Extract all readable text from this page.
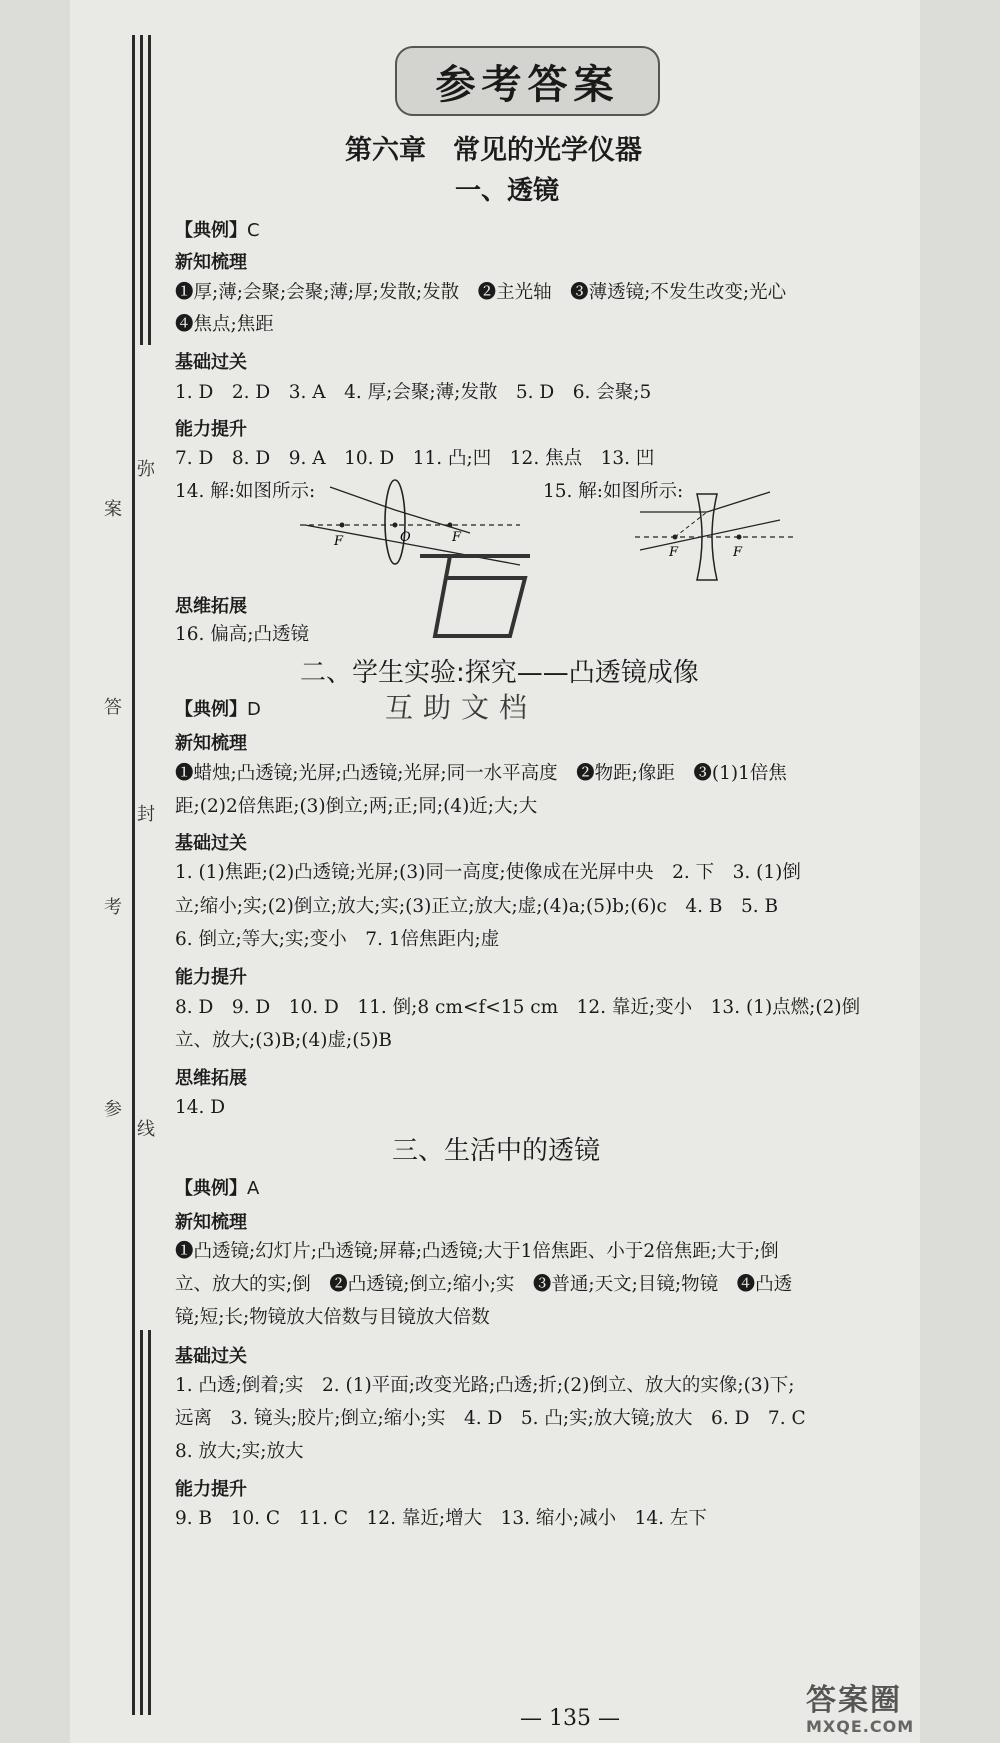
弥
案
答
封
考
参
线
参考答案
第六章　常见的光学仪器
一、透镜
【典例】C
新知梳理
❶厚;薄;会聚;会聚;薄;厚;发散;发散　❷主光轴　❸薄透镜;不发生改变;光心
❹焦点;焦距
基础过关
1. D　2. D　3. A　4. 厚;会聚;薄;发散　5. D　6. 会聚;5
能力提升
7. D　8. D　9. A　10. D　11. 凸;凹　12. 焦点　13. 凹
14. 解:如图所示:	15. 解:如图所示:
F	O	F
F	F
互助文档
思维拓展
16. 偏高;凸透镜
二、学生实验:探究——凸透镜成像
【典例】D
新知梳理
❶蜡烛;凸透镜;光屏;凸透镜;光屏;同一水平高度　❷物距;像距　❸(1)1倍焦
距;(2)2倍焦距;(3)倒立;两;正;同;(4)近;大;大
基础过关
1. (1)焦距;(2)凸透镜;光屏;(3)同一高度;使像成在光屏中央　2. 下　3. (1)倒
立;缩小;实;(2)倒立;放大;实;(3)正立;放大;虚;(4)a;(5)b;(6)c　4. B　5. B
6. 倒立;等大;实;变小　7. 1倍焦距内;虚
能力提升
8. D　9. D　10. D　11. 倒;8 cm<f<15 cm　12. 靠近;变小　13. (1)点燃;(2)倒
立、放大;(3)B;(4)虚;(5)B
思维拓展
14. D
三、生活中的透镜
【典例】A
新知梳理
❶凸透镜;幻灯片;凸透镜;屏幕;凸透镜;大于1倍焦距、小于2倍焦距;大于;倒
立、放大的实;倒　❷凸透镜;倒立;缩小;实　❸普通;天文;目镜;物镜　❹凸透
镜;短;长;物镜放大倍数与目镜放大倍数
基础过关
1. 凸透;倒着;实　2. (1)平面;改变光路;凸透;折;(2)倒立、放大的实像;(3)下;
远离　3. 镜头;胶片;倒立;缩小;实　4. D　5. 凸;实;放大镜;放大　6. D　7. C
8. 放大;实;放大
能力提升
9. B　10. C　11. C　12. 靠近;增大　13. 缩小;减小　14. 左下
— 135 —
答案圈
MXQE.COM
